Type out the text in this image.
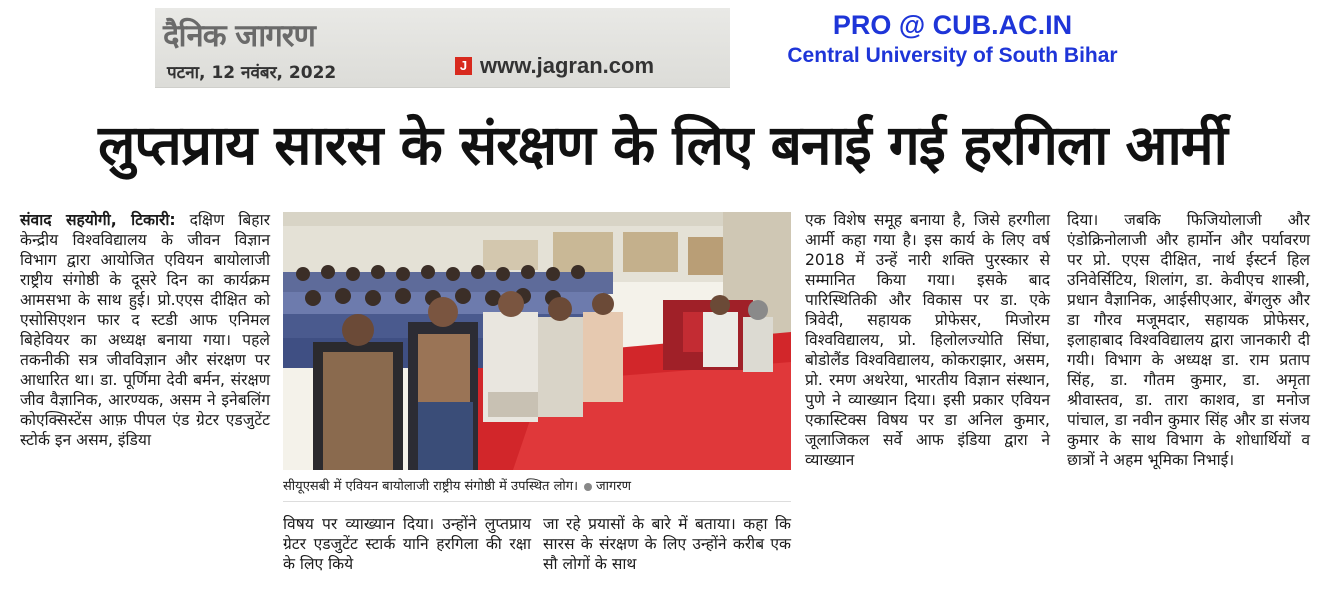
दैनिक जागरण
पटना, 12 नवंबर, 2022	J www.jagran.com
PRO @ CUB.AC.IN
Central University of South Bihar
लुप्तप्राय सारस के संरक्षण के लिए बनाई गई हरगिला आर्मी
संवाद सहयोगी, टिकारी: दक्षिण बिहार केन्द्रीय विश्वविद्यालय के जीवन विज्ञान विभाग द्वारा आयोजित एवियन बायोलाजी राष्ट्रीय संगोष्ठी के दूसरे दिन का कार्यक्रम आमसभा के साथ हुई। प्रो.एएस दीक्षित को एसोसिएशन फार द स्टडी आफ एनिमल बिहेवियर का अध्यक्ष बनाया गया। पहले तकनीकी सत्र जीवविज्ञान और संरक्षण पर आधारित था। डा. पूर्णिमा देवी बर्मन, संरक्षण जीव वैज्ञानिक, आरण्यक, असम ने इनेबलिंग कोएक्सिस्टेंस आफ़ पीपल एंड ग्रेटर एडजुटेंट स्टोर्क इन असम, इंडिया
सीयूएसबी में एवियन बायोलाजी राष्ट्रीय संगोष्ठी में उपस्थित लोग। जागरण
विषय पर व्याख्यान दिया। उन्होंने लुप्तप्राय ग्रेटर एडजुटेंट स्टार्क यानि हरगिला की रक्षा के लिए किये
जा रहे प्रयासों के बारे में बताया। कहा कि सारस के संरक्षण के लिए उन्होंने करीब एक सौ लोगों के साथ
एक विशेष समूह बनाया है, जिसे हरगीला आर्मी कहा गया है। इस कार्य के लिए वर्ष 2018 में उन्हें नारी शक्ति पुरस्कार से सम्मानित किया गया। इसके बाद पारिस्थितिकी और विकास पर डा. एके त्रिवेदी, सहायक प्रोफेसर, मिजोरम विश्वविद्यालय, प्रो. हिलोलज्योति सिंघा, बोडोलैंड विश्वविद्यालय, कोकराझार, असम, प्रो. रमण अथरेया, भारतीय विज्ञान संस्थान, पुणे ने व्याख्यान दिया। इसी प्रकार एवियन एकास्टिक्स विषय पर डा अनिल कुमार, जूलाजिकल सर्वे आफ इंडिया द्वारा ने व्याख्यान
दिया। जबकि फिजियोलाजी और एंडोक्रिनोलाजी और हार्मोन और पर्यावरण पर प्रो. एएस दीक्षित, नार्थ ईस्टर्न हिल उनिवेर्सिटिय, शिलांग, डा. केवीएच शास्त्री, प्रधान वैज्ञानिक, आईसीएआर, बेंगलुरु और डा गौरव मजूमदार, सहायक प्रोफेसर, इलाहाबाद विश्वविद्यालय द्वारा जानकारी दी गयी। विभाग के अध्यक्ष डा. राम प्रताप सिंह, डा. गौतम कुमार, डा. अमृता श्रीवास्तव, डा. तारा काशव, डा मनोज पांचाल, डा नवीन कुमार सिंह और डा संजय कुमार के साथ विभाग के शोधार्थियों व छात्रों ने अहम भूमिका निभाई।
